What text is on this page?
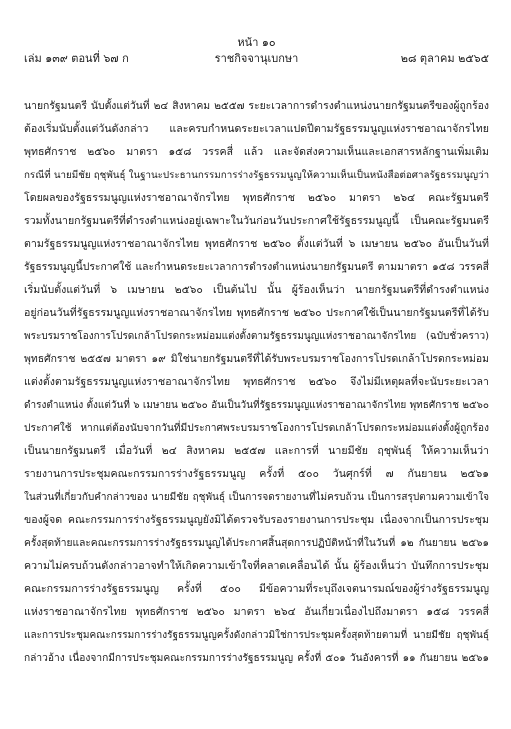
หน้า ๑๐
เล่ม ๑๓๙ ตอนที่ ๖๗ ก	ราชกิจจานุเบกษา	๒๘ ตุลาคม ๒๕๖๕
นายกรัฐมนตรี นับตั้งแต่วันที่ ๒๔ สิงหาคม ๒๕๕๗ ระยะเวลาการดำรงตำแหน่งนายกรัฐมนตรีของผู้ถูกร้อง
ต้องเริ่มนับตั้งแต่วันดังกล่าว และครบกำหนดระยะเวลาแปดปีตามรัฐธรรมนูญแห่งราชอาณาจักรไทย
พุทธศักราช ๒๕๖๐ มาตรา ๑๕๘ วรรคสี่ แล้ว และจัดส่งความเห็นและเอกสารหลักฐานเพิ่มเติม
กรณีที่ นายมีชัย ฤชุพันธุ์ ในฐานะประธานกรรมการร่างรัฐธรรมนูญให้ความเห็นเป็นหนังสือต่อศาลรัฐธรรมนูญว่า
โดยผลของรัฐธรรมนูญแห่งราชอาณาจักรไทย พุทธศักราช ๒๕๖๐ มาตรา ๒๖๔ คณะรัฐมนตรี
รวมทั้งนายกรัฐมนตรีที่ดำรงตำแหน่งอยู่เฉพาะในวันก่อนวันประกาศใช้รัฐธรรมนูญนี้ เป็นคณะรัฐมนตรี
ตามรัฐธรรมนูญแห่งราชอาณาจักรไทย พุทธศักราช ๒๕๖๐ ตั้งแต่วันที่ ๖ เมษายน ๒๕๖๐ อันเป็นวันที่
รัฐธรรมนูญนี้ประกาศใช้ และกำหนดระยะเวลาการดำรงตำแหน่งนายกรัฐมนตรี ตามมาตรา ๑๕๘ วรรคสี่
เริ่มนับตั้งแต่วันที่ ๖ เมษายน ๒๕๖๐ เป็นต้นไป นั้น ผู้ร้องเห็นว่า นายกรัฐมนตรีที่ดำรงตำแหน่ง
อยู่ก่อนวันที่รัฐธรรมนูญแห่งราชอาณาจักรไทย พุทธศักราช ๒๕๖๐ ประกาศใช้เป็นนายกรัฐมนตรีที่ได้รับ
พระบรมราชโองการโปรดเกล้าโปรดกระหม่อมแต่งตั้งตามรัฐธรรมนูญแห่งราชอาณาจักรไทย (ฉบับชั่วคราว)
พุทธศักราช ๒๕๕๗ มาตรา ๑๙ มิใช่นายกรัฐมนตรีที่ได้รับพระบรมราชโองการโปรดเกล้าโปรดกระหม่อม
แต่งตั้งตามรัฐธรรมนูญแห่งราชอาณาจักรไทย พุทธศักราช ๒๕๖๐ จึงไม่มีเหตุผลที่จะนับระยะเวลา
ดำรงตำแหน่ง ตั้งแต่วันที่ ๖ เมษายน ๒๕๖๐ อันเป็นวันที่รัฐธรรมนูญแห่งราชอาณาจักรไทย พุทธศักราช ๒๕๖๐
ประกาศใช้ หากแต่ต้องนับจากวันที่มีประกาศพระบรมราชโองการโปรดเกล้าโปรดกระหม่อมแต่งตั้งผู้ถูกร้อง
เป็นนายกรัฐมนตรี เมื่อวันที่ ๒๔ สิงหาคม ๒๕๕๗ และการที่ นายมีชัย ฤชุพันธุ์ ให้ความเห็นว่า
รายงานการประชุมคณะกรรมการร่างรัฐธรรมนูญ ครั้งที่ ๕๐๐ วันศุกร์ที่ ๗ กันยายน ๒๕๖๑
ในส่วนที่เกี่ยวกับคำกล่าวของ นายมีชัย ฤชุพันธุ์ เป็นการจดรายงานที่ไม่ครบถ้วน เป็นการสรุปตามความเข้าใจ
ของผู้จด คณะกรรมการร่างรัฐธรรมนูญยังมิได้ตรวจรับรองรายงานการประชุม เนื่องจากเป็นการประชุม
ครั้งสุดท้ายและคณะกรรมการร่างรัฐธรรมนูญได้ประกาศสิ้นสุดการปฏิบัติหน้าที่ในวันที่ ๑๒ กันยายน ๒๕๖๑
ความไม่ครบถ้วนดังกล่าวอาจทำให้เกิดความเข้าใจที่คลาดเคลื่อนได้ นั้น ผู้ร้องเห็นว่า บันทึกการประชุม
คณะกรรมการร่างรัฐธรรมนูญ ครั้งที่ ๕๐๐ มีข้อความที่ระบุถึงเจตนารมณ์ของผู้ร่างรัฐธรรมนูญ
แห่งราชอาณาจักรไทย พุทธศักราช ๒๕๖๐ มาตรา ๒๖๔ อันเกี่ยวเนื่องไปถึงมาตรา ๑๕๘ วรรคสี่
และการประชุมคณะกรรมการร่างรัฐธรรมนูญครั้งดังกล่าวมิใช่การประชุมครั้งสุดท้ายตามที่ นายมีชัย ฤชุพันธุ์
กล่าวอ้าง เนื่องจากมีการประชุมคณะกรรมการร่างรัฐธรรมนูญ ครั้งที่ ๕๐๑ วันอังคารที่ ๑๑ กันยายน ๒๕๖๑
